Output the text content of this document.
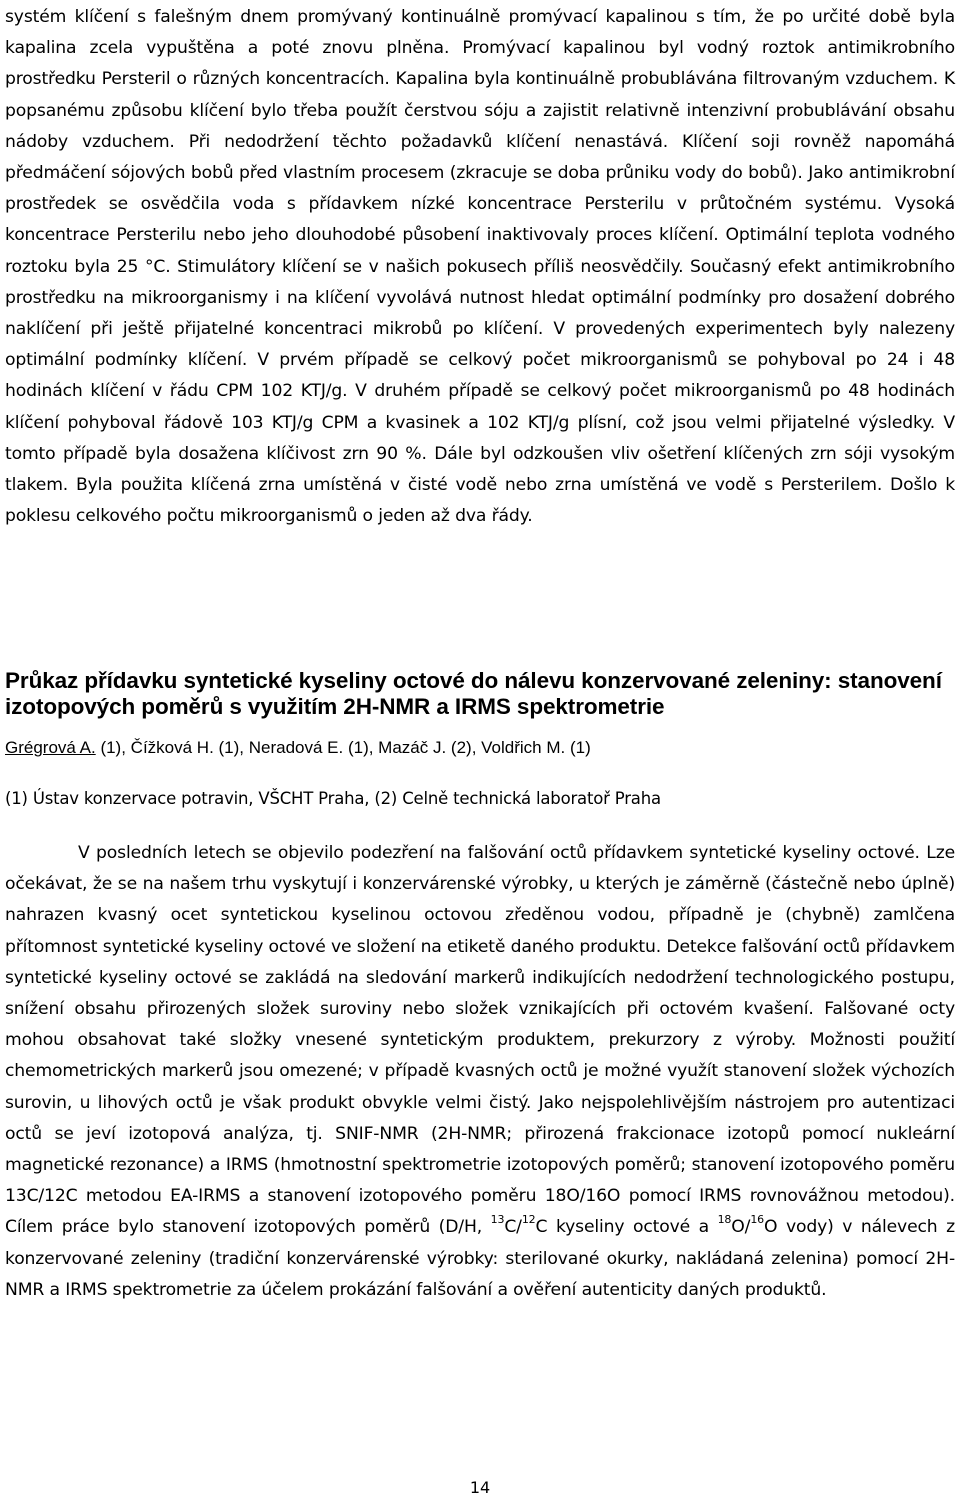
systém klíčení s falešným dnem promývaný kontinuálně promývací kapalinou s tím, že po určité době byla kapalina zcela vypuštěna a poté znovu plněna. Promývací kapalinou byl vodný roztok antimikrobního prostředku Persteril o různých koncentracích. Kapalina byla kontinuálně probublávána filtrovaným vzduchem. K popsanému způsobu klíčení bylo třeba použít čerstvou sóju a zajistit relativně intenzivní probublávání obsahu nádoby vzduchem. Při nedodržení těchto požadavků klíčení nenastává. Klíčení soji rovněž napomáhá předmáčení sójových bobů před vlastním procesem (zkracuje se doba průniku vody do bobů). Jako antimikrobní prostředek se osvědčila voda s přídavkem nízké koncentrace Persterilu v průtočném systému. Vysoká koncentrace Persterilu nebo jeho dlouhodobé působení inaktivovaly proces klíčení. Optimální teplota vodného roztoku byla 25 °C. Stimulátory klíčení se v našich pokusech příliš neosvědčily. Současný efekt antimikrobního prostředku na mikroorganismy i na klíčení vyvolává nutnost hledat optimální podmínky pro dosažení dobrého naklíčení při ještě přijatelné koncentraci mikrobů po klíčení. V provedených experimentech byly nalezeny optimální podmínky klíčení. V prvém případě se celkový počet mikroorganismů se pohyboval po 24 i 48 hodinách klíčení v řádu CPM 102 KTJ/g. V druhém případě se celkový počet mikroorganismů po 48 hodinách klíčení pohyboval řádově 103 KTJ/g CPM a kvasinek a 102 KTJ/g plísní, což jsou velmi přijatelné výsledky. V tomto případě byla dosažena klíčivost zrn 90 %. Dále byl odzkoušen vliv ošetření klíčených zrn sóji vysokým tlakem. Byla použita klíčená zrna umístěná v čisté vodě nebo zrna umístěná ve vodě s Persterilem. Došlo k poklesu celkového počtu mikroorganismů o jeden až dva řády.

Průkaz přídavku syntetické kyseliny octové do nálevu konzervované zeleniny: stanovení izotopových poměrů s využitím 2H-NMR a IRMS spektrometrie

Grégrová A. (1), Čížková H. (1), Neradová E. (1), Mazáč J. (2), Voldřich M. (1)

(1) Ústav konzervace potravin, VŠCHT Praha, (2) Celně technická laboratoř Praha

V posledních letech se objevilo podezření na falšování octů přídavkem syntetické kyseliny octové. Lze očekávat, že se na našem trhu vyskytují i konzervárenské výrobky, u kterých je záměrně (částečně nebo úplně) nahrazen kvasný ocet syntetickou kyselinou octovou zředěnou vodou, případně je (chybně) zamlčena přítomnost syntetické kyseliny octové ve složení na etiketě daného produktu. Detekce falšování octů přídavkem syntetické kyseliny octové se zakládá na sledování markerů indikujících nedodržení technologického postupu, snížení obsahu přirozených složek suroviny nebo složek vznikajících při octovém kvašení. Falšované octy mohou obsahovat také složky vnesené syntetickým produktem, prekurzory z výroby. Možnosti použití chemometrických markerů jsou omezené; v případě kvasných octů je možné využít stanovení složek výchozích surovin, u lihových octů je však produkt obvykle velmi čistý. Jako nejspolehlivějším nástrojem pro autentizaci octů se jeví izotopová analýza, tj. SNIF-NMR (2H-NMR; přirozená frakcionace izotopů pomocí nukleární magnetické rezonance) a IRMS (hmotnostní spektrometrie izotopových poměrů; stanovení izotopového poměru 13C/12C metodou EA-IRMS a stanovení izotopového poměru 18O/16O pomocí IRMS rovnovážnou metodou). Cílem práce bylo stanovení izotopových poměrů (D/H, $^{13}$C/$^{12}$C kyseliny octové a $^{18}$O/$^{16}$O vody) v nálevech z konzervované zeleniny (tradiční konzervárenské výrobky: sterilované okurky, nakládaná zelenina) pomocí 2H-NMR a IRMS spektrometrie za účelem prokázání falšování a ověření autenticity daných produktů.

14
